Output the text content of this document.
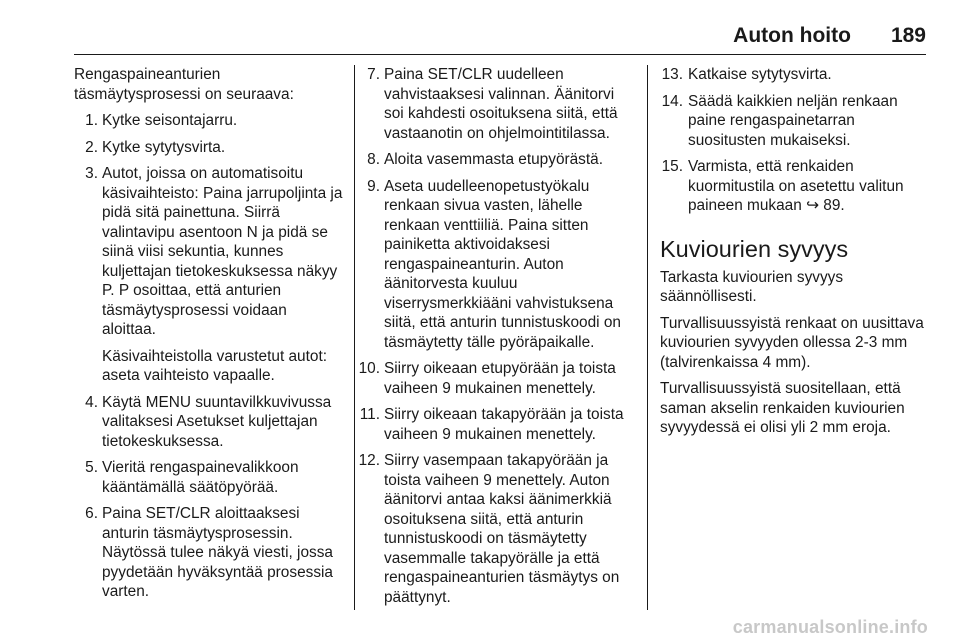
Auton hoito 189

Rengaspaineanturien täsmäytysprosessi on seuraava:

1. Kytke seisontajarru.
2. Kytke sytytysvirta.
3. Autot, joissa on automatisoitu käsivaihteisto: Paina jarrupoljinta ja pidä sitä painettuna. Siirrä valintavipu asentoon N ja pidä se siinä viisi sekuntia, kunnes kuljettajan tietokeskuksessa näkyy P. P osoittaa, että anturien täsmäytysprosessi voidaan aloittaa.
Käsivaihteistolla varustetut autot: aseta vaihteisto vapaalle.
4. Käytä MENU suuntavilkkuvivussa valitaksesi Asetukset kuljettajan tietokeskuksessa.
5. Vieritä rengaspainevalikkoon kääntämällä säätöpyörää.
6. Paina SET/CLR aloittaaksesi anturin täsmäytysprosessin. Näytössä tulee näkyä viesti, jossa pyydetään hyväksyntää prosessia varten.
7. Paina SET/CLR uudelleen vahvistaaksesi valinnan. Äänitorvi soi kahdesti osoituksena siitä, että vastaanotin on ohjelmointitilassa.
8. Aloita vasemmasta etupyörästä.
9. Aseta uudelleenopetustyökalu renkaan sivua vasten, lähelle renkaan venttiiliä. Paina sitten painiketta aktivoidaksesi rengaspaineanturin. Auton äänitorvesta kuuluu viserrysmerkkiääni vahvistuksena siitä, että anturin tunnistuskoodi on täsmäytetty tälle pyöräpaikalle.
10. Siirry oikeaan etupyörään ja toista vaiheen 9 mukainen menettely.
11. Siirry oikeaan takapyörään ja toista vaiheen 9 mukainen menettely.
12. Siirry vasempaan takapyörään ja toista vaiheen 9 menettely. Auton äänitorvi antaa kaksi äänimerkkiä osoituksena siitä, että anturin tunnistuskoodi on täsmäytetty vasemmalle takapyörälle ja että rengaspaineanturien täsmäytys on päättynyt.
13. Katkaise sytytysvirta.
14. Säädä kaikkien neljän renkaan paine rengaspainetarran suositusten mukaiseksi.
15. Varmista, että renkaiden kuormitustila on asetettu valitun paineen mukaan ↪ 89.
Kuviourien syvyys

Tarkasta kuviourien syvyys säännöllisesti.

Turvallisuussyistä renkaat on uusittava kuviourien syvyyden ollessa 2-3 mm (talvirenkaissa 4 mm).

Turvallisuussyistä suositellaan, että saman akselin renkaiden kuviourien syvyydessä ei olisi yli 2 mm eroja.

carmanualsonline.info
